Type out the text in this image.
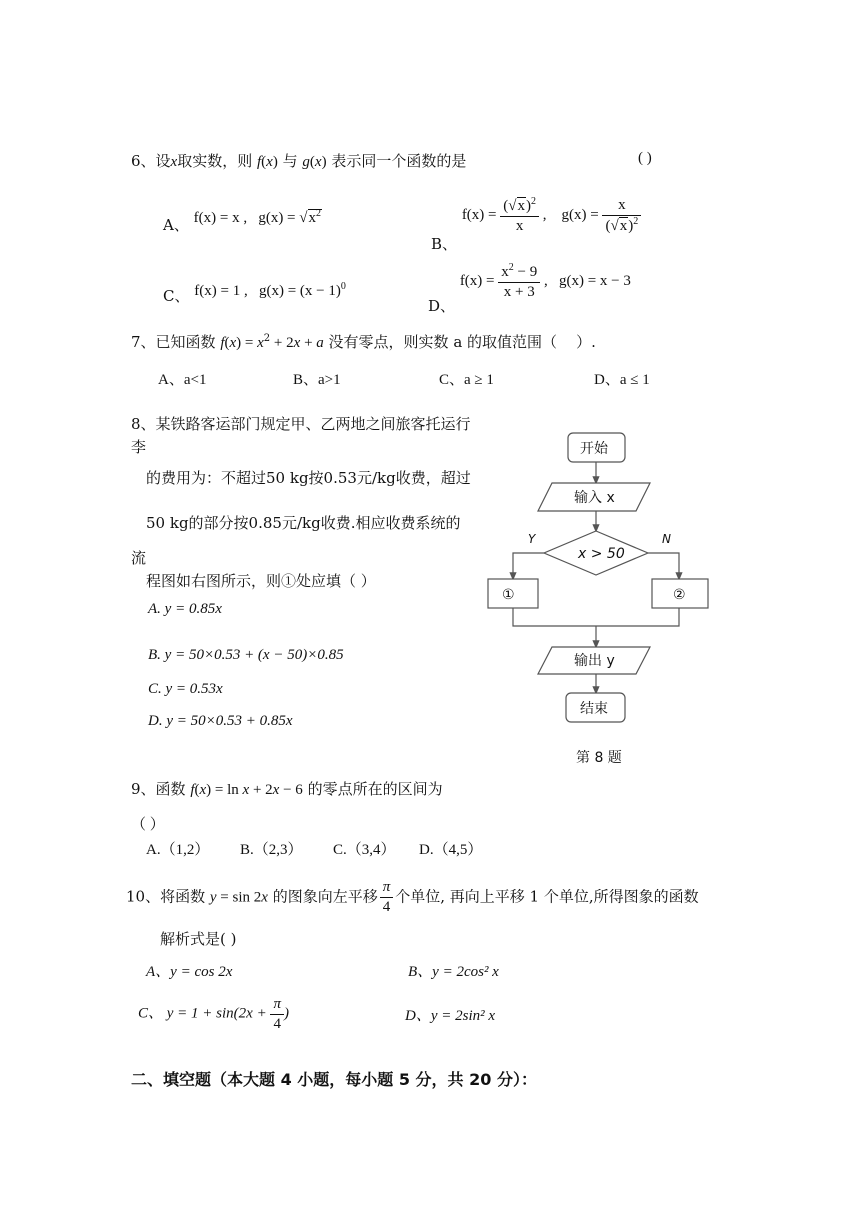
6、设x取实数，则 f(x) 与 g(x) 表示同一个函数的是	( )
A、 f(x) = x ,   $g(x) = √x^2$
B、 $f(x) = \frac{(√x)^2}{x}$ ,    $g(x) = \frac{x}{(√x)^2}$
C、 f(x) = 1 ,   $g(x) = (x - 1)^0$
D、 $f(x) = \frac{x^2 - 9}{x + 3}$ ,   g(x) = x − 3
7、已知函数 $f(x) = x^2 + 2x + a$ 没有零点，则实数 a 的取值范围（    ）.
A、a<1	B、a>1	C、a ≥ 1	D、a ≤ 1
8、某铁路客运部门规定甲、乙两地之间旅客托运行
李
的费用为：不超过50 kg按0.53元/kg收费，超过
50 kg的部分按0.85元/kg收费.相应收费系统的
流
程图如右图所示，则①处应填（ ）
A. y = 0.85x
B. y = 50×0.53 + (x − 50)×0.85
C. y = 0.53x
D. y = 50×0.53 + 0.85x
开始
输入 x
x > 50
Y	N
①	②
输出 y
结束
第 8 题
9、函数 f(x) = ln x + 2x − 6 的零点所在的区间为
（ ）
A.（1,2） B.（2,3） C.（3,4） D.（4,5）
10、将函数 y = sin 2x 的图象向左平移 $\frac{\pi}{4}$ 个单位, 再向上平移 1 个单位,所得图象的函数
解析式是( )
A、y = cos 2x	B、y = 2cos² x
C、 $y = 1 + \sin(2x + \frac{\pi}{4}$ )	D、y = 2sin² x
二、填空题（本大题 4 小题，每小题 5 分，共 20 分）：
